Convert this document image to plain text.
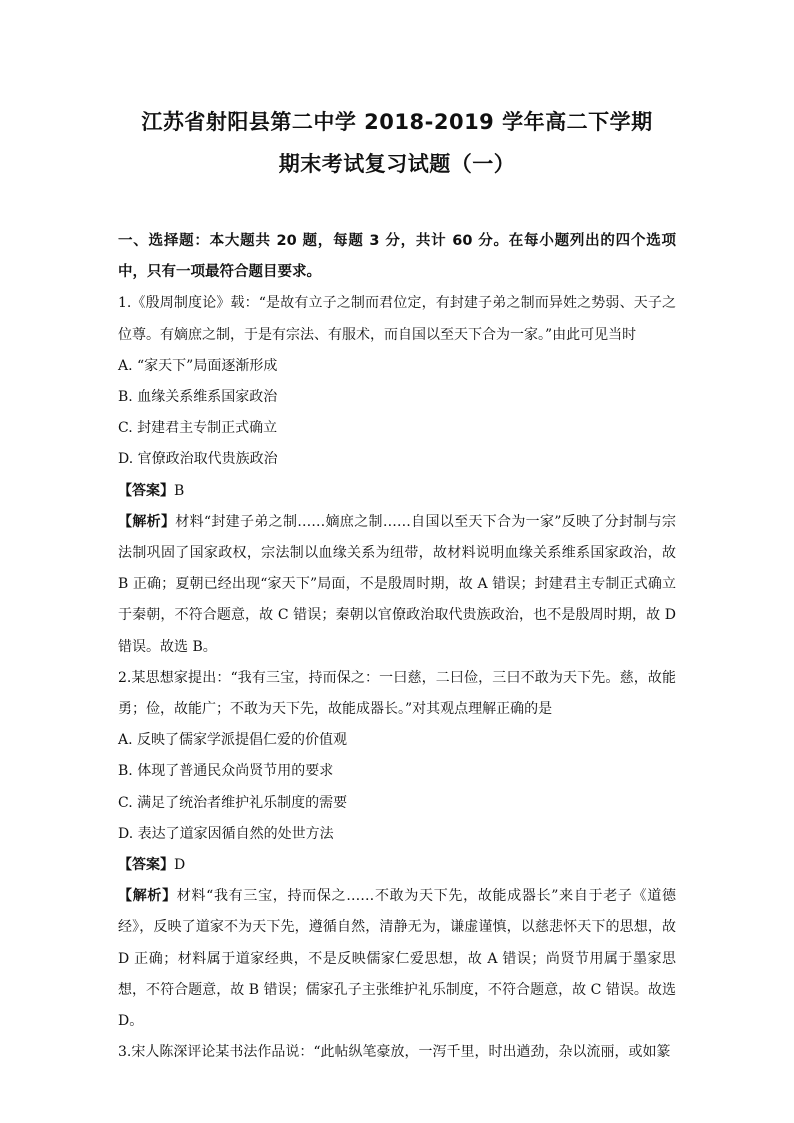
江苏省射阳县第二中学 2018-2019 学年高二下学期
期末考试复习试题（一）

一、选择题：本大题共 20 题，每题 3 分，共计 60 分。在每小题列出的四个选项中，只有一项最符合题目要求。

1.《殷周制度论》载：“是故有立子之制而君位定，有封建子弟之制而异姓之势弱、天子之位尊。有嫡庶之制，于是有宗法、有服术，而自国以至天下合为一家。”由此可见当时

A. “家天下”局面逐渐形成

B. 血缘关系维系国家政治

C. 封建君主专制正式确立

D. 官僚政治取代贵族政治

【答案】B

【解析】材料“封建子弟之制……嫡庶之制……自国以至天下合为一家”反映了分封制与宗法制巩固了国家政权，宗法制以血缘关系为纽带，故材料说明血缘关系维系国家政治，故 B 正确；夏朝已经出现“家天下”局面，不是殷周时期，故 A 错误；封建君主专制正式确立于秦朝，不符合题意，故 C 错误；秦朝以官僚政治取代贵族政治，也不是殷周时期，故 D 错误。故选 B。

2.某思想家提出：“我有三宝，持而保之：一曰慈，二曰俭，三曰不敢为天下先。慈，故能勇；俭，故能广；不敢为天下先，故能成器长。”对其观点理解正确的是

A. 反映了儒家学派提倡仁爱的价值观

B. 体现了普通民众尚贤节用的要求

C. 满足了统治者维护礼乐制度的需要

D. 表达了道家因循自然的处世方法

【答案】D

【解析】材料“我有三宝，持而保之……不敢为天下先，故能成器长”来自于老子《道德经》，反映了道家不为天下先，遵循自然，清静无为，谦虚谨慎，以慈悲怀天下的思想，故 D 正确；材料属于道家经典，不是反映儒家仁爱思想，故 A 错误；尚贤节用属于墨家思想，不符合题意，故 B 错误；儒家孔子主张维护礼乐制度，不符合题意，故 C 错误。故选 D。

3.宋人陈深评论某书法作品说：“此帖纵笔豪放，一泻千里，时出遒劲，杂以流丽，或如篆
